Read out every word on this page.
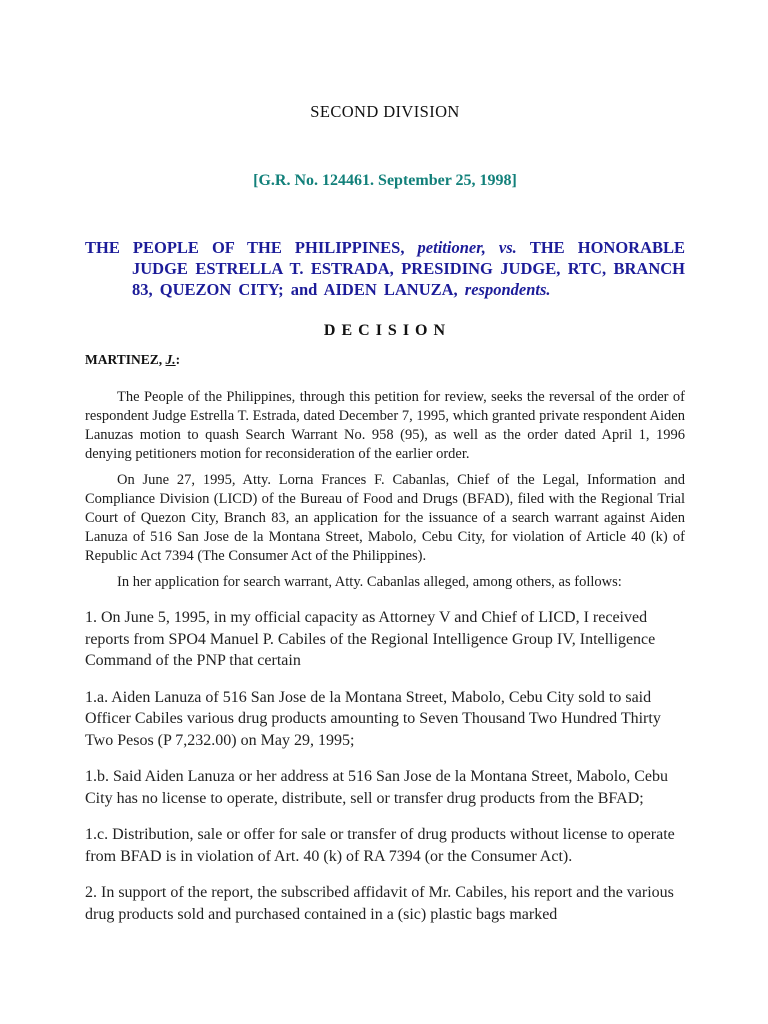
SECOND DIVISION
[G.R. No. 124461. September 25, 1998]
THE PEOPLE OF THE PHILIPPINES, petitioner, vs. THE HONORABLE JUDGE ESTRELLA T. ESTRADA, PRESIDING JUDGE, RTC, BRANCH 83, QUEZON CITY; and AIDEN LANUZA, respondents.
D E C I S I O N
MARTINEZ, J.:

The People of the Philippines, through this petition for review, seeks the reversal of the order of respondent Judge Estrella T. Estrada, dated December 7, 1995, which granted private respondent Aiden Lanuzas motion to quash Search Warrant No. 958 (95), as well as the order dated April 1, 1996 denying petitioners motion for reconsideration of the earlier order.

On June 27, 1995, Atty. Lorna Frances F. Cabanlas, Chief of the Legal, Information and Compliance Division (LICD) of the Bureau of Food and Drugs (BFAD), filed with the Regional Trial Court of Quezon City, Branch 83, an application for the issuance of a search warrant against Aiden Lanuza of 516 San Jose de la Montana Street, Mabolo, Cebu City, for violation of Article 40 (k) of Republic Act 7394 (The Consumer Act of the Philippines).

In her application for search warrant, Atty. Cabanlas alleged, among others, as follows:

1. On June 5, 1995, in my official capacity as Attorney V and Chief of LICD, I received reports from SPO4 Manuel P. Cabiles of the Regional Intelligence Group IV, Intelligence Command of the PNP that certain

1.a. Aiden Lanuza of 516 San Jose de la Montana Street, Mabolo, Cebu City sold to said Officer Cabiles various drug products amounting to Seven Thousand Two Hundred Thirty Two Pesos (P 7,232.00) on May 29, 1995;

1.b. Said Aiden Lanuza or her address at 516 San Jose de la Montana Street, Mabolo, Cebu City has no license to operate, distribute, sell or transfer drug products from the BFAD;

1.c. Distribution, sale or offer for sale or transfer of drug products without license to operate from BFAD is in violation of Art. 40 (k) of RA 7394 (or the Consumer Act).

2. In support of the report, the subscribed affidavit of Mr. Cabiles, his report and the various drug products sold and purchased contained in a (sic) plastic bags marked
